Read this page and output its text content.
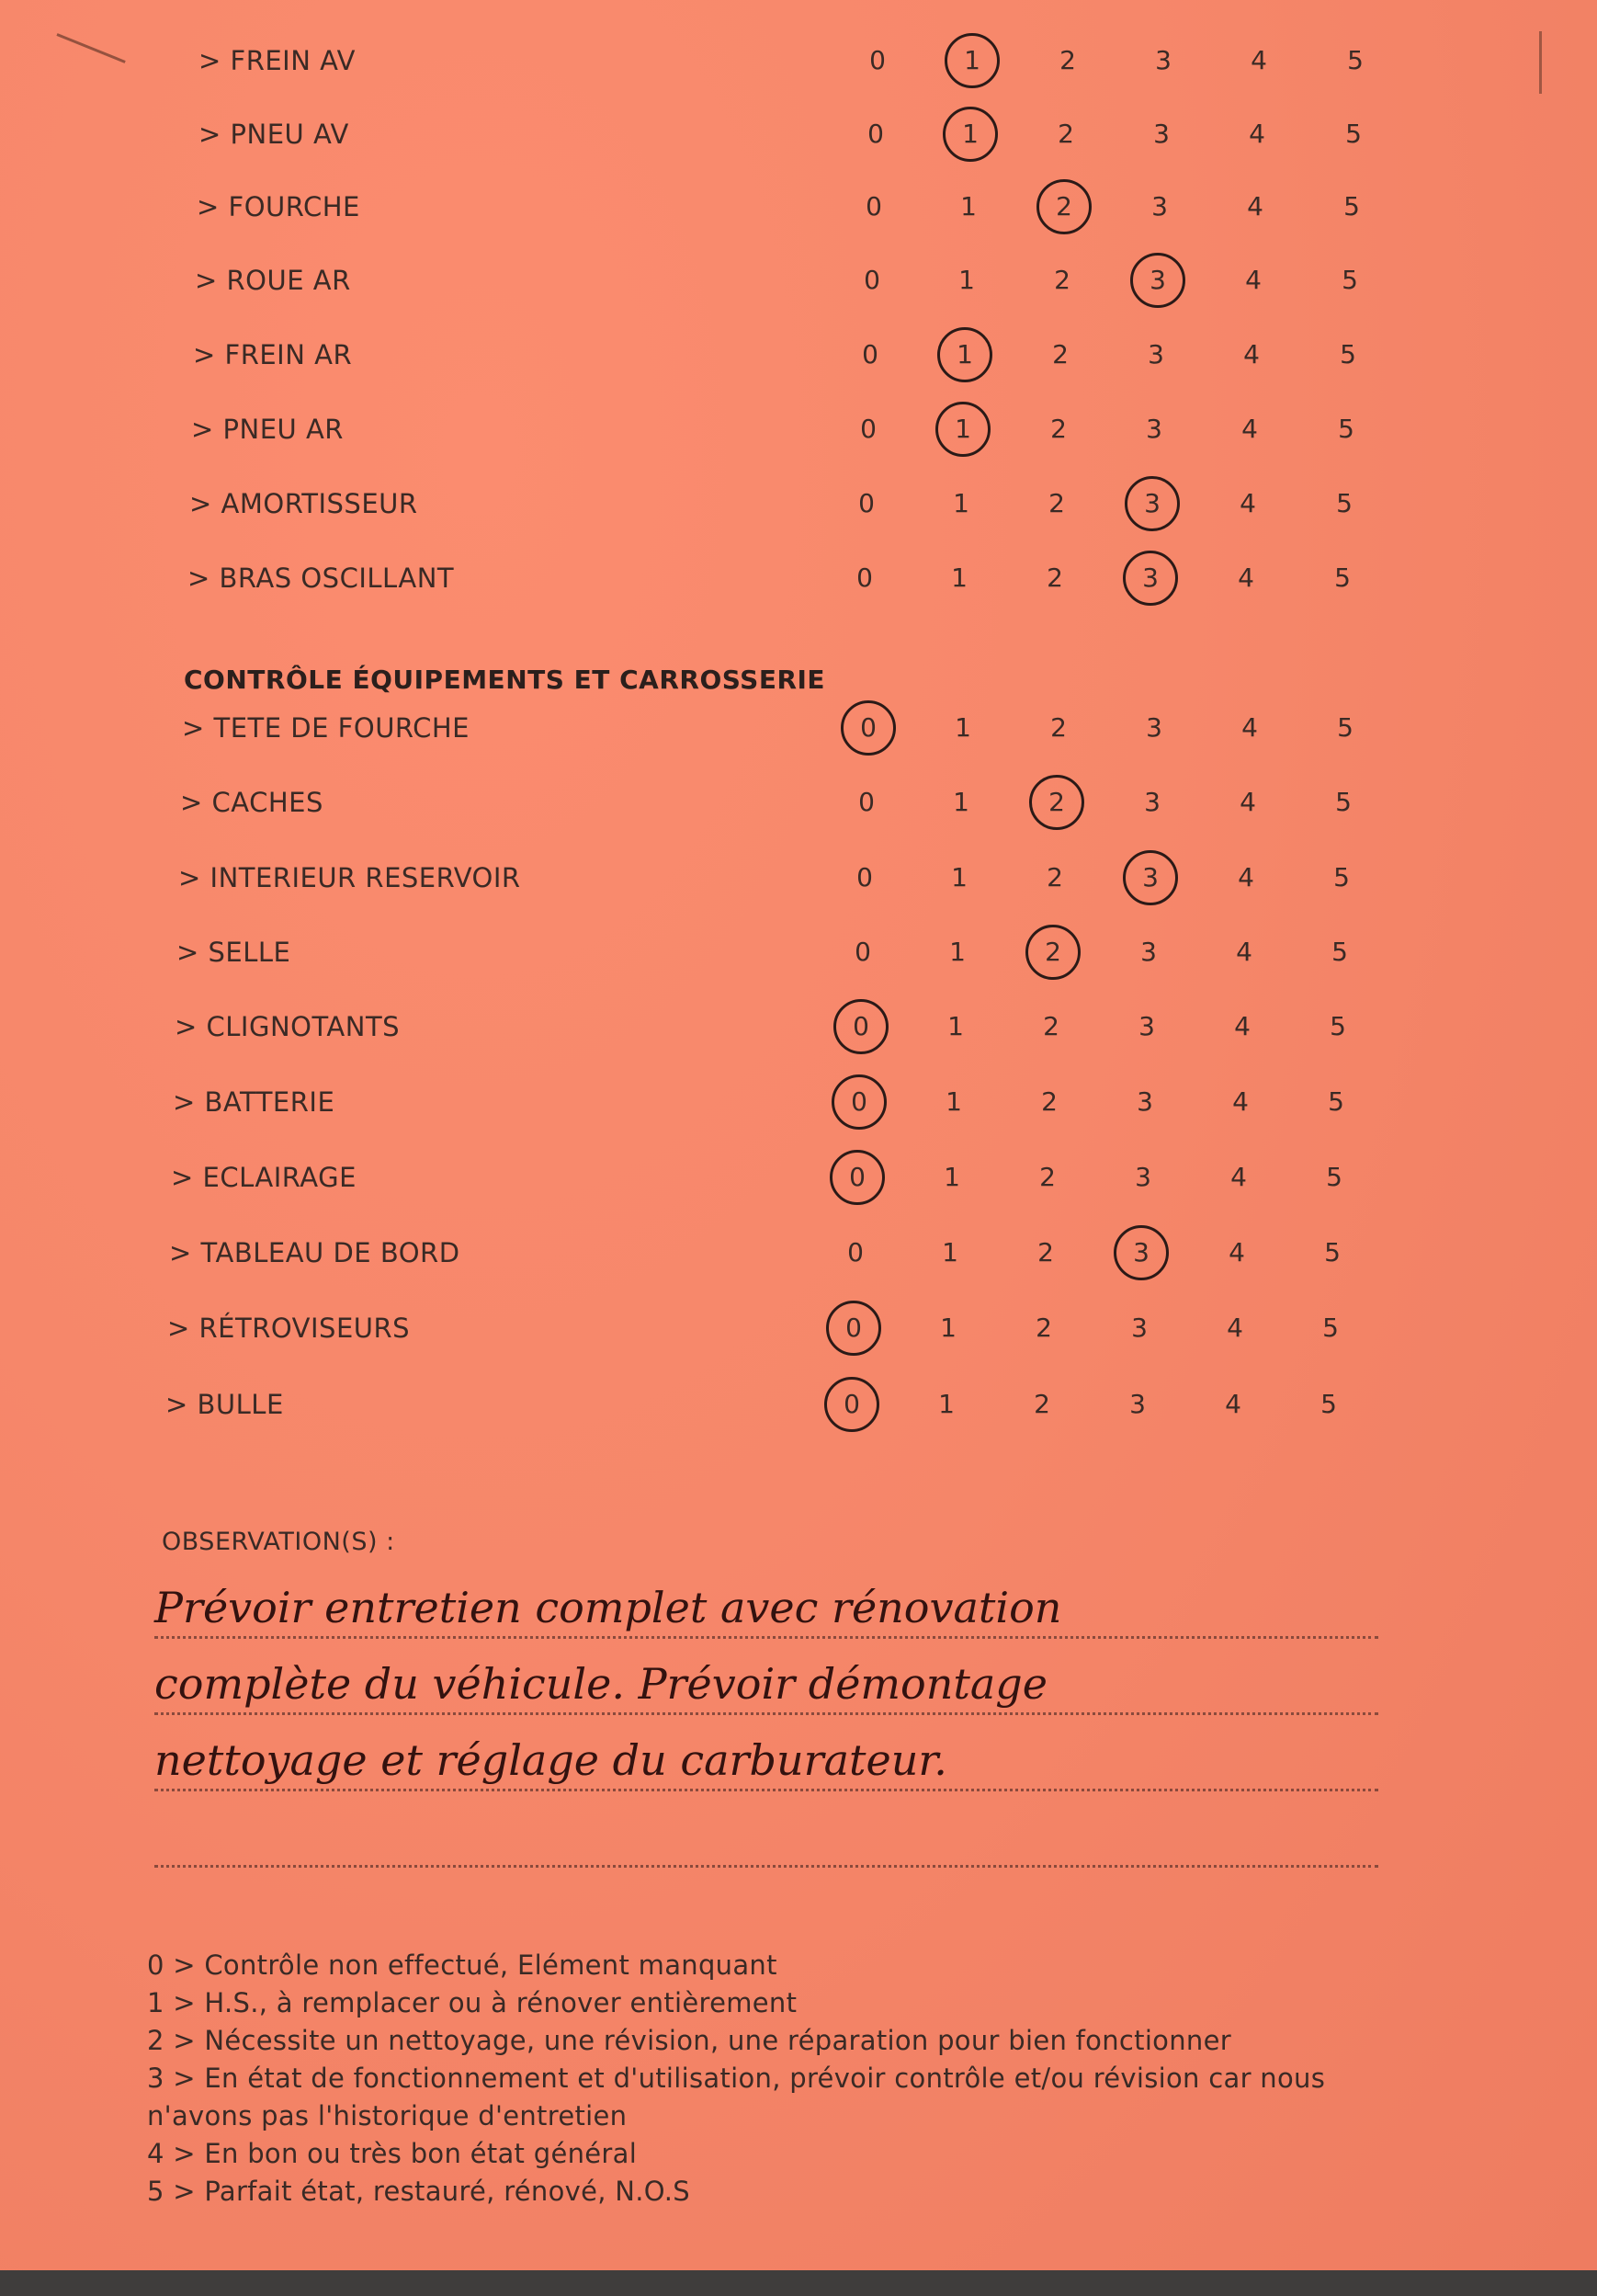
> FREIN AV	0	1	2	3	4	5
> PNEU AV	0	1	2	3	4	5
> FOURCHE	0	1	2	3	4	5
> ROUE AR	0	1	2	3	4	5
> FREIN AR	0	1	2	3	4	5
> PNEU AR	0	1	2	3	4	5
> AMORTISSEUR	0	1	2	3	4	5
> BRAS OSCILLANT	0	1	2	3	4	5
> TETE DE FOURCHE	0	1	2	3	4	5
> CACHES	0	1	2	3	4	5
> INTERIEUR RESERVOIR	0	1	2	3	4	5
> SELLE	0	1	2	3	4	5
> CLIGNOTANTS	0	1	2	3	4	5
> BATTERIE	0	1	2	3	4	5
> ECLAIRAGE	0	1	2	3	4	5
> TABLEAU DE BORD	0	1	2	3	4	5
> RÉTROVISEURS	0	1	2	3	4	5
> BULLE	0	1	2	3	4	5
CONTRÔLE ÉQUIPEMENTS ET CARROSSERIE
OBSERVATION(S) :
Prévoir entretien complet avec rénovation
complète du véhicule. Prévoir démontage
nettoyage et réglage du carburateur.

0 > Contrôle non effectué, Elément manquant

1 > H.S., à remplacer ou à rénover entièrement

2 > Nécessite un nettoyage, une révision, une réparation pour bien fonctionner

3 > En état de fonctionnement et d'utilisation, prévoir contrôle et/ou révision car nous n'avons pas l'historique d'entretien

4 > En bon ou très bon état général

5 > Parfait état, restauré, rénové, N.O.S
